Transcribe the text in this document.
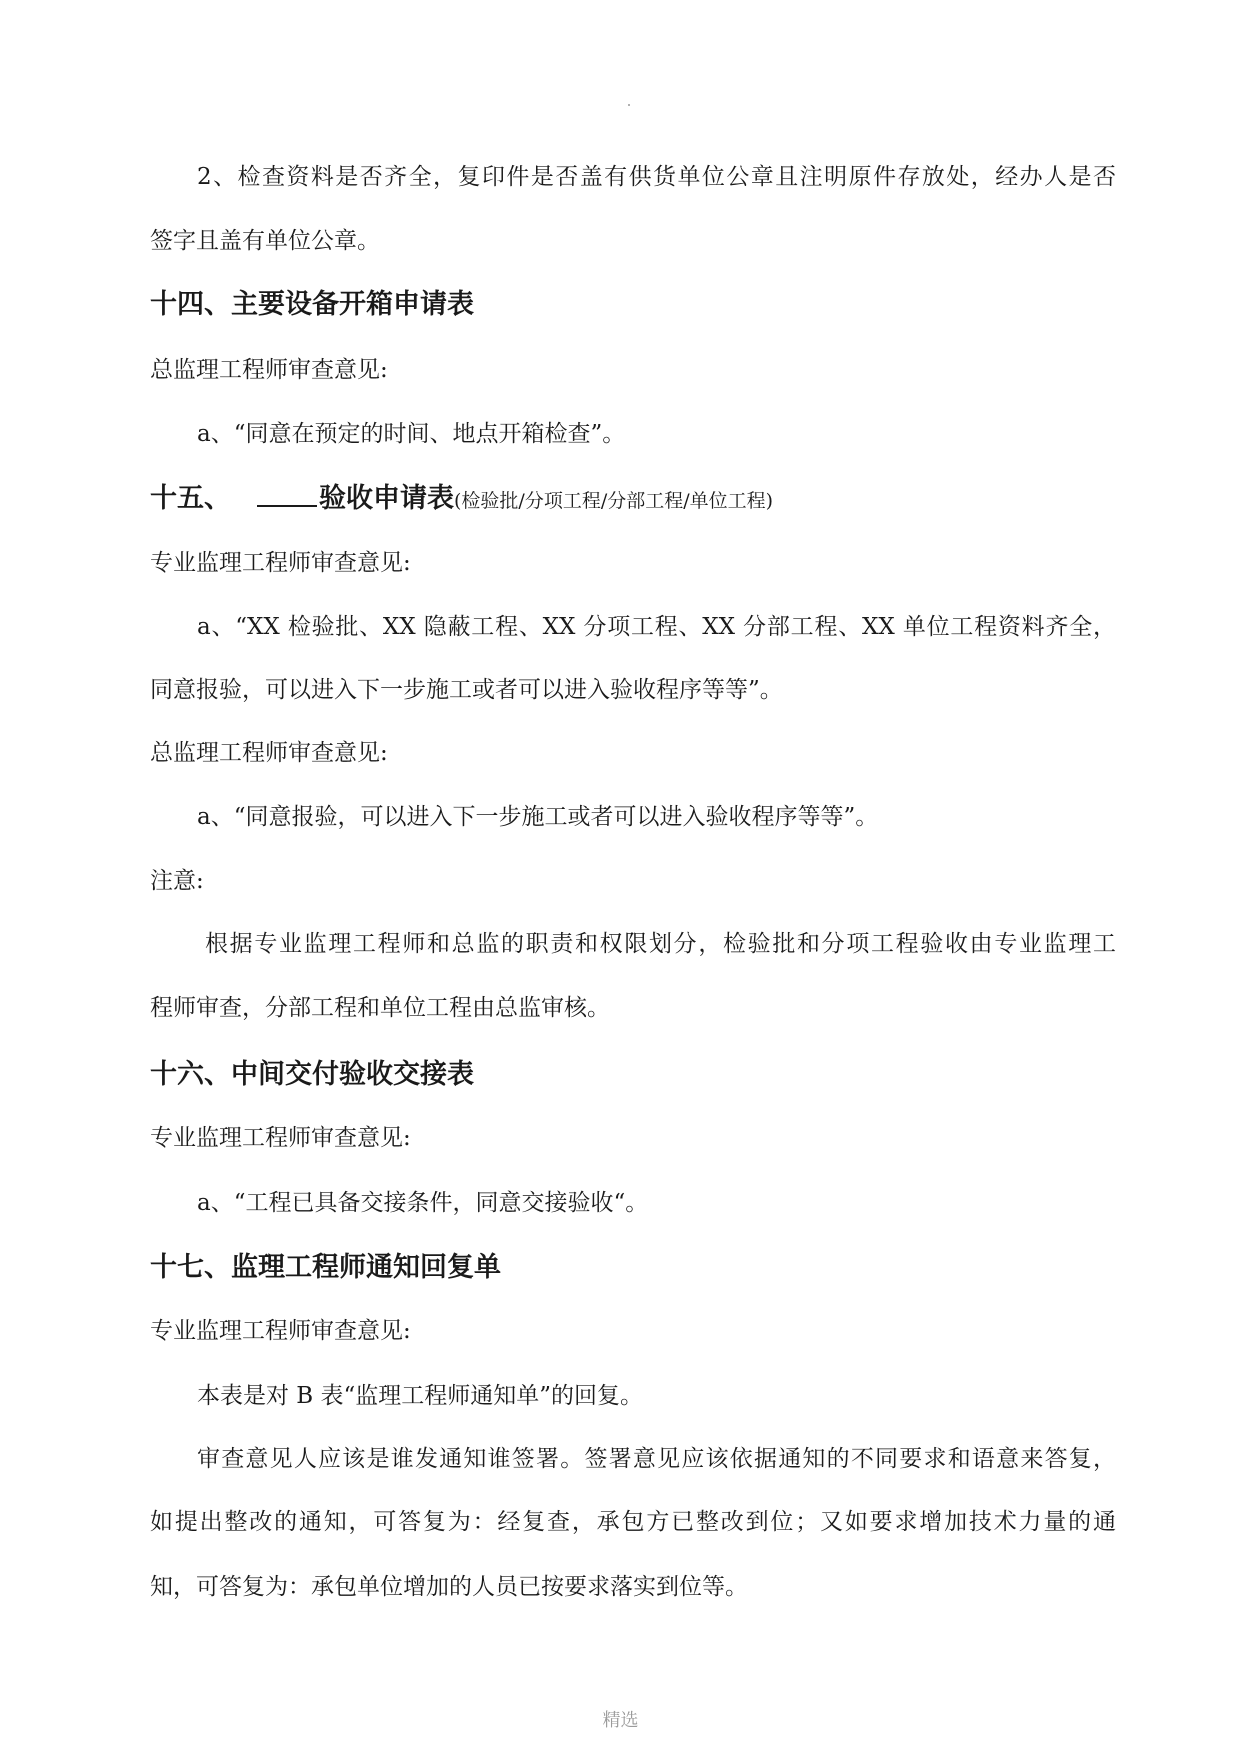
2、检查资料是否齐全，复印件是否盖有供货单位公章且注明原件存放处，经办人是否
签字且盖有单位公章。
十四、主要设备开箱申请表
总监理工程师审查意见:
a、“同意在预定的时间、地点开箱检查”。
十五、	验收申请表(检验批/分项工程/分部工程/单位工程)
专业监理工程师审查意见:
a、“XX 检验批、XX 隐蔽工程、XX 分项工程、XX 分部工程、XX 单位工程资料齐全，
同意报验，可以进入下一步施工或者可以进入验收程序等等”。
总监理工程师审查意见:
a、“同意报验，可以进入下一步施工或者可以进入验收程序等等”。
注意:
根据专业监理工程师和总监的职责和权限划分，检验批和分项工程验收由专业监理工
程师审查，分部工程和单位工程由总监审核。
十六、中间交付验收交接表
专业监理工程师审查意见:
a、“工程已具备交接条件，同意交接验收“。
十七、监理工程师通知回复单
专业监理工程师审查意见:
本表是对 B 表“监理工程师通知单”的回复。
审查意见人应该是谁发通知谁签署。签署意见应该依据通知的不同要求和语意来答复，
如提出整改的通知，可答复为：经复查，承包方已整改到位；又如要求增加技术力量的通
知，可答复为：承包单位增加的人员已按要求落实到位等。
精选
